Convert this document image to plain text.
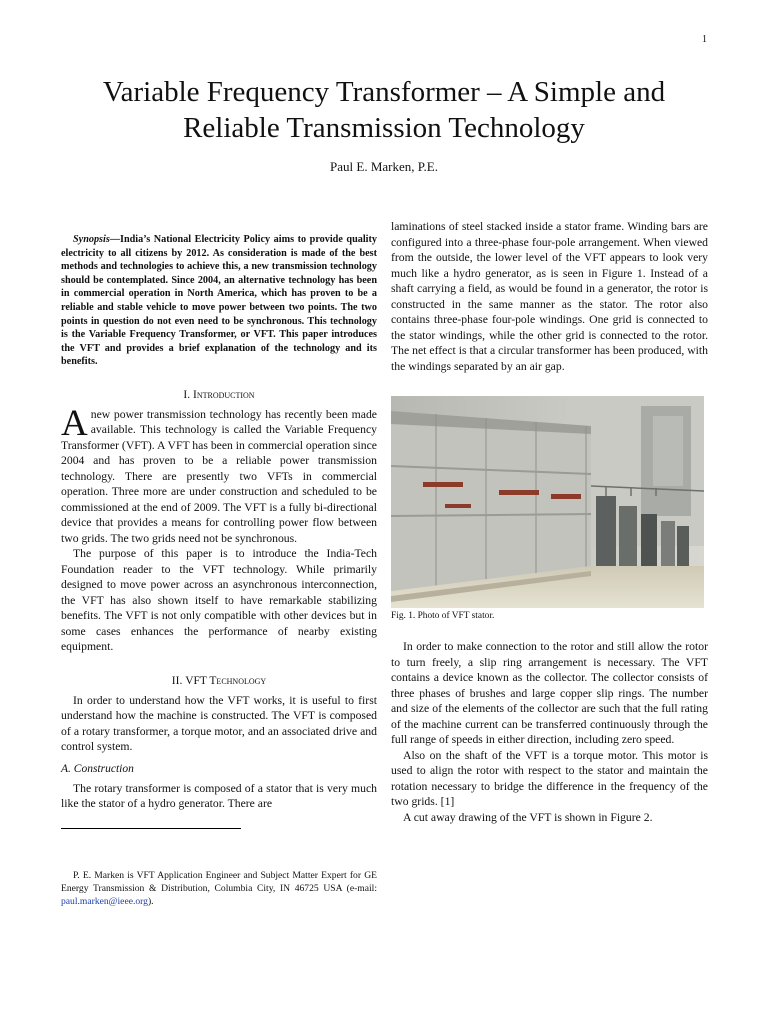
1
Variable Frequency Transformer – A Simple and
Reliable Transmission Technology
Paul E. Marken, P.E.

Synopsis—India’s National Electricity Policy aims to provide quality electricity to all citizens by 2012. As consideration is made of the best methods and technologies to achieve this, a new transmission technology should be contemplated. Since 2004, an alternative technology has been in commercial operation in North America, which has proven to be a reliable and stable vehicle to move power between two points. The two points in question do not even need to be synchronous. This technology is the Variable Frequency Transformer, or VFT. This paper introduces the VFT and provides a brief explanation of the technology and its benefits.

I. Introduction

Anew power transmission technology has recently been made available. This technology is called the Variable Frequency Transformer (VFT). A VFT has been in commercial operation since 2004 and has proven to be a reliable power transmission technology. There are presently two VFTs in commercial operation. Three more are under construction and scheduled to be commissioned at the end of 2009. The VFT is a fully bi-directional device that provides a means for controlling power flow between two grids. The two grids need not be synchronous.

The purpose of this paper is to introduce the India-Tech Foundation reader to the VFT technology. While primarily designed to move power across an asynchronous interconnection, the VFT has also shown itself to have remarkable stabilizing benefits. The VFT is not only compatible with other devices but in some cases enhances the performance of nearby existing equipment.

II. VFT Technology

In order to understand how the VFT works, it is useful to first understand how the machine is constructed. The VFT is composed of a rotary transformer, a torque motor, and an associated drive and control system.

A. Construction

The rotary transformer is composed of a stator that is very much like the stator of a hydro generator. There are

P. E. Marken is VFT Application Engineer and Subject Matter Expert for GE Energy Transmission & Distribution, Columbia City, IN 46725 USA (e-mail: paul.marken@ieee.org).

laminations of steel stacked inside a stator frame. Winding bars are configured into a three-phase four-pole arrangement. When viewed from the outside, the lower level of the VFT appears to look very much like a hydro generator, as is seen in Figure 1. Instead of a shaft carrying a field, as would be found in a generator, the rotor is constructed in the same manner as the stator. The rotor also contains three-phase four-pole windings. One grid is connected to the stator windings, while the other grid is connected to the rotor. The net effect is that a circular transformer has been produced, with the windings separated by an air gap.

Fig. 1. Photo of VFT stator.

In order to make connection to the rotor and still allow the rotor to turn freely, a slip ring arrangement is necessary. The VFT contains a device known as the collector. The collector consists of three phases of brushes and large copper slip rings. The number and size of the elements of the collector are such that the full rating of the machine current can be transferred continuously through the full range of speeds in either direction, including zero speed.

Also on the shaft of the VFT is a torque motor. This motor is used to align the rotor with respect to the stator and maintain the rotation necessary to bridge the difference in the frequency of the two grids. [1]

A cut away drawing of the VFT is shown in Figure 2.
